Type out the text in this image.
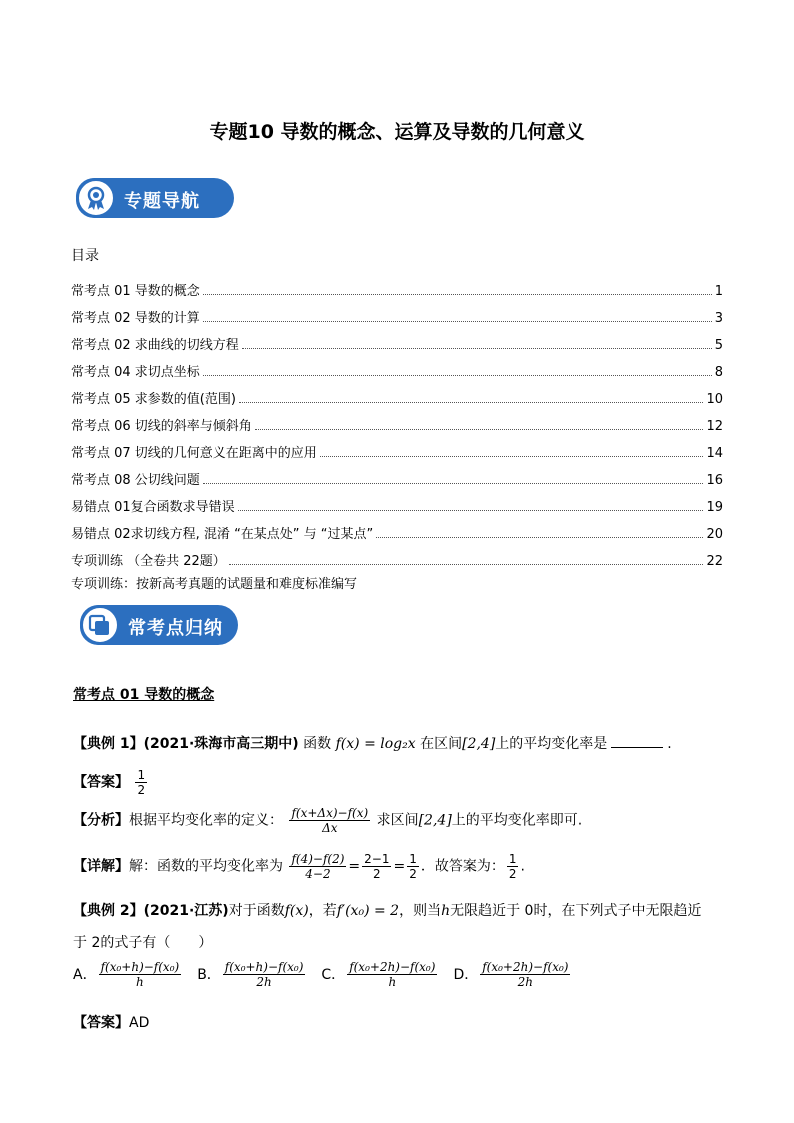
专题10 导数的概念、运算及导数的几何意义
专题导航
目录
常考点 01 导数的概念	1
常考点 02 导数的计算	3
常考点 02 求曲线的切线方程	5
常考点 04 求切点坐标	8
常考点 05 求参数的值(范围)	10
常考点 06 切线的斜率与倾斜角	12
常考点 07 切线的几何意义在距离中的应用	14
常考点 08 公切线问题	16
易错点 01复合函数求导错误	19
易错点 02求切线方程, 混淆 “在某点处” 与 “过某点”	20
专项训练 （全卷共 22题）	22
专项训练：按新高考真题的试题量和难度标准编写
常考点归纳
常考点 01 导数的概念
【典例 1】(2021·珠海市高三期中) 函数 f(x) = log₂x 在区间[2,4]上的平均变化率是	.
【答案】 $\frac{1}{2}$
【分析】根据平均变化率的定义： $\frac{f(x+\Delta x)-f(x)}{\Delta x}$ 求区间[2,4]上的平均变化率即可.
【详解】解：函数的平均变化率为 $\frac{f(4)-f(2)}{4-2} = \frac{2-1}{2} = \frac{1}{2}$ ．故答案为： $\frac{1}{2}$ .
【典例 2】(2021·江苏)对于函数f(x)，若f′(x₀) = 2，则当h无限趋近于 0时，在下列式子中无限趋近
于 2的式子有（　　）
A． $\frac{\text{f(x₀+h)−f(x₀)}}{h}$ B． $\frac{\text{f(x₀+h)−f(x₀)}}{2h}$ C． $\frac{\text{f(x₀+2h)−f(x₀)}}{h}$ D． $\frac{\text{f(x₀+2h)−f(x₀)}}{2h}$
【答案】AD
